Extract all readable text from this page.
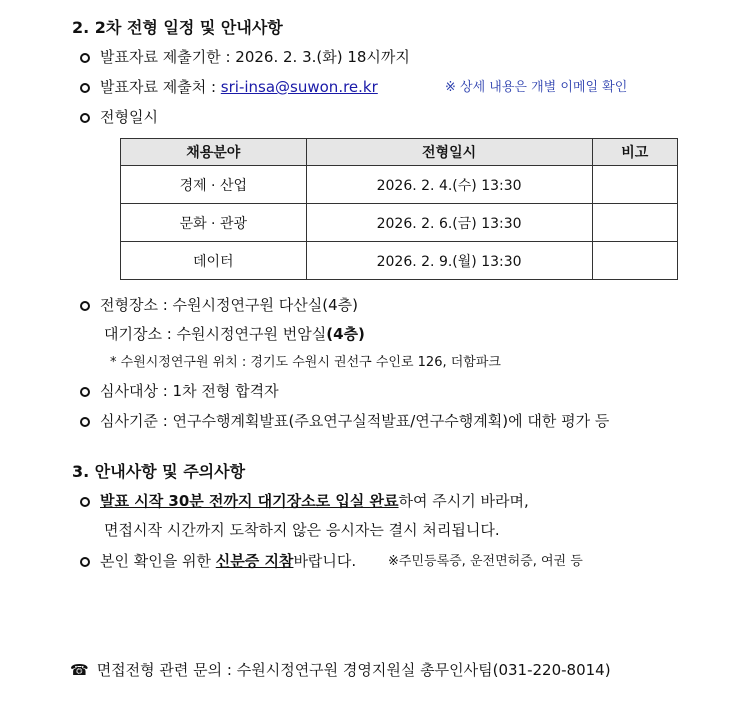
2. 2차 전형 일정 및 안내사항
발표자료 제출기한 : 2026. 2. 3.(화) 18시까지
발표자료 제출처 : sri-insa@suwon.re.kr	※ 상세 내용은 개별 이메일 확인
전형일시
채용분야	전형일시	비고
경제 · 산업	2026. 2. 4.(수) 13:30	
문화 · 관광	2026. 2. 6.(금) 13:30	
데이터	2026. 2. 9.(월) 13:30	
전형장소 : 수원시정연구원 다산실(4층)
대기장소 : 수원시정연구원 번암실(4층)
* 수원시정연구원 위치 : 경기도 수원시 권선구 수인로 126, 더함파크
심사대상 : 1차 전형 합격자
심사기준 : 연구수행계획발표(주요연구실적발표/연구수행계획)에 대한 평가 등
3. 안내사항 및 주의사항
발표 시작 30분 전까지 대기장소로 입실 완료하여 주시기 바라며,
면접시작 시간까지 도착하지 않은 응시자는 결시 처리됩니다.
본인 확인을 위한 신분증 지참바랍니다. ※주민등록증, 운전면허증, 여권 등
☎ 면접전형 관련 문의 : 수원시정연구원 경영지원실 총무인사팀(031-220-8014)
